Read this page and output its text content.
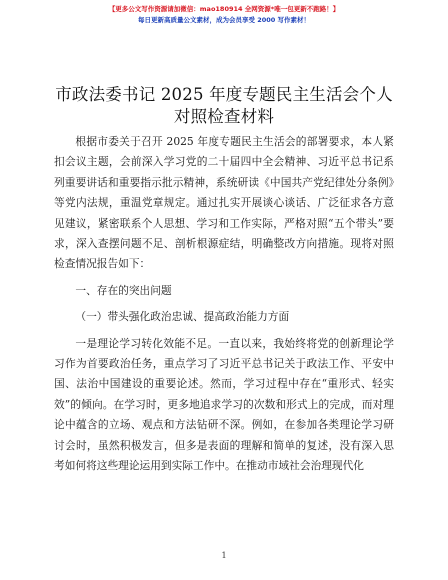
【更多公文写作资源请加微信：mao180914 全网资源*唯一包更新不跑路！】
每日更新高质量公文素材，成为会员享受 2000 写作素材！
市政法委书记 2025 年度专题民主生活会个人对照检查材料

根据市委关于召开 2025 年度专题民主生活会的部署要求，本人紧扣会议主题，会前深入学习党的二十届四中全会精神、习近平总书记系列重要讲话和重要指示批示精神，系统研读《中国共产党纪律处分条例》等党内法规，重温党章规定。通过扎实开展谈心谈话、广泛征求各方意见建议，紧密联系个人思想、学习和工作实际，严格对照“五个带头”要求，深入查摆问题不足、剖析根源症结，明确整改方向措施。现将对照检查情况报告如下：

一、存在的突出问题

（一）带头强化政治忠诚、提高政治能力方面

一是理论学习转化效能不足。一直以来，我始终将党的创新理论学习作为首要政治任务，重点学习了习近平总书记关于政法工作、平安中国、法治中国建设的重要论述。然而，学习过程中存在“重形式、轻实效”的倾向。在学习时，更多地追求学习的次数和形式上的完成，而对理论中蕴含的立场、观点和方法钻研不深。例如，在参加各类理论学习研讨会时，虽然积极发言，但多是表面的理解和简单的复述，没有深入思考如何将这些理论运用到实际工作中。在推动市域社会治理现代化

1
